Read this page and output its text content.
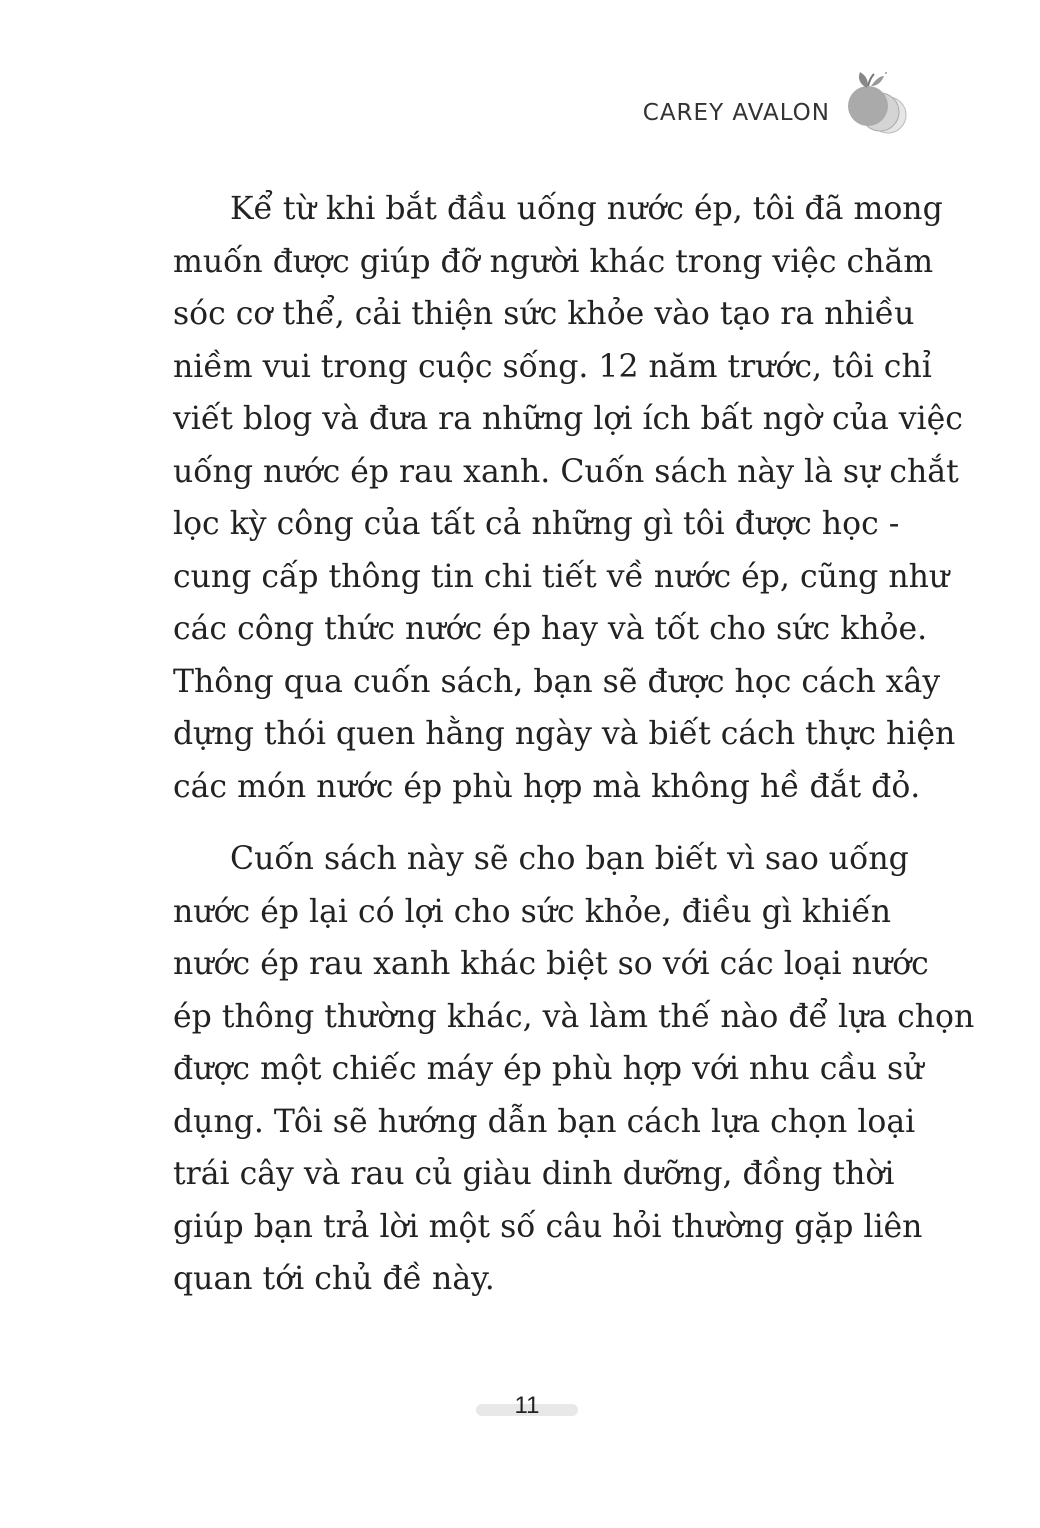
CAREY AVALON
Kể từ khi bắt đầu uống nước ép, tôi đã mong
muốn được giúp đỡ người khác trong việc chăm
sóc cơ thể, cải thiện sức khỏe vào tạo ra nhiều
niềm vui trong cuộc sống. 12 năm trước, tôi chỉ
viết blog và đưa ra những lợi ích bất ngờ của việc
uống nước ép rau xanh. Cuốn sách này là sự chắt
lọc kỳ công của tất cả những gì tôi được học -
cung cấp thông tin chi tiết về nước ép, cũng như
các công thức nước ép hay và tốt cho sức khỏe.
Thông qua cuốn sách, bạn sẽ được học cách xây
dựng thói quen hằng ngày và biết cách thực hiện
các món nước ép phù hợp mà không hề đắt đỏ.
Cuốn sách này sẽ cho bạn biết vì sao uống
nước ép lại có lợi cho sức khỏe, điều gì khiến
nước ép rau xanh khác biệt so với các loại nước
ép thông thường khác, và làm thế nào để lựa chọn
được một chiếc máy ép phù hợp với nhu cầu sử
dụng. Tôi sẽ hướng dẫn bạn cách lựa chọn loại
trái cây và rau củ giàu dinh dưỡng, đồng thời
giúp bạn trả lời một số câu hỏi thường gặp liên
quan tới chủ đề này.
11
